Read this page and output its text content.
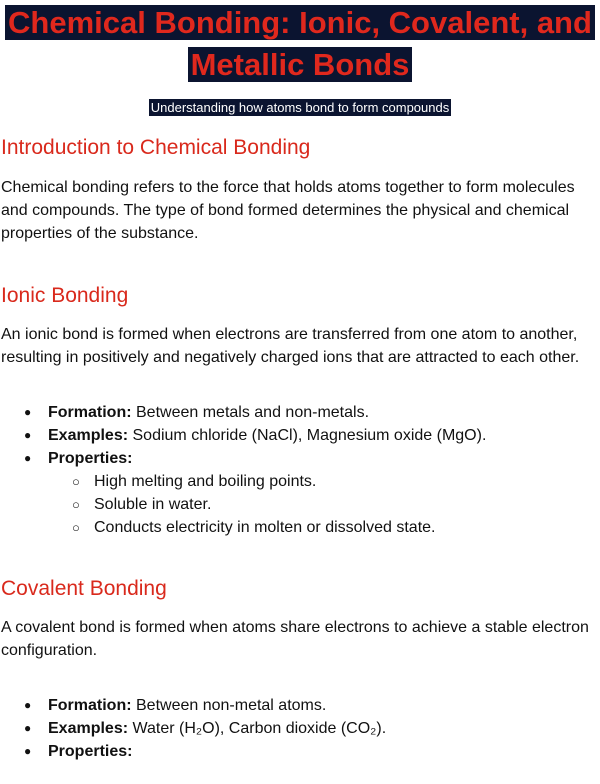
Chemical Bonding: Ionic, Covalent, and Metallic Bonds
Understanding how atoms bond to form compounds
Introduction to Chemical Bonding

Chemical bonding refers to the force that holds atoms together to form molecules and compounds. The type of bond formed determines the physical and chemical properties of the substance.

Ionic Bonding

An ionic bond is formed when electrons are transferred from one atom to another, resulting in positively and negatively charged ions that are attracted to each other.

● Formation: Between metals and non-metals.
● Examples: Sodium chloride (NaCl), Magnesium oxide (MgO).
● Properties:
○ High melting and boiling points.
○ Soluble in water.
○ Conducts electricity in molten or dissolved state.
Covalent Bonding

A covalent bond is formed when atoms share electrons to achieve a stable electron configuration.

● Formation: Between non-metal atoms.
● Examples: Water (H₂O), Carbon dioxide (CO₂).
● Properties:
